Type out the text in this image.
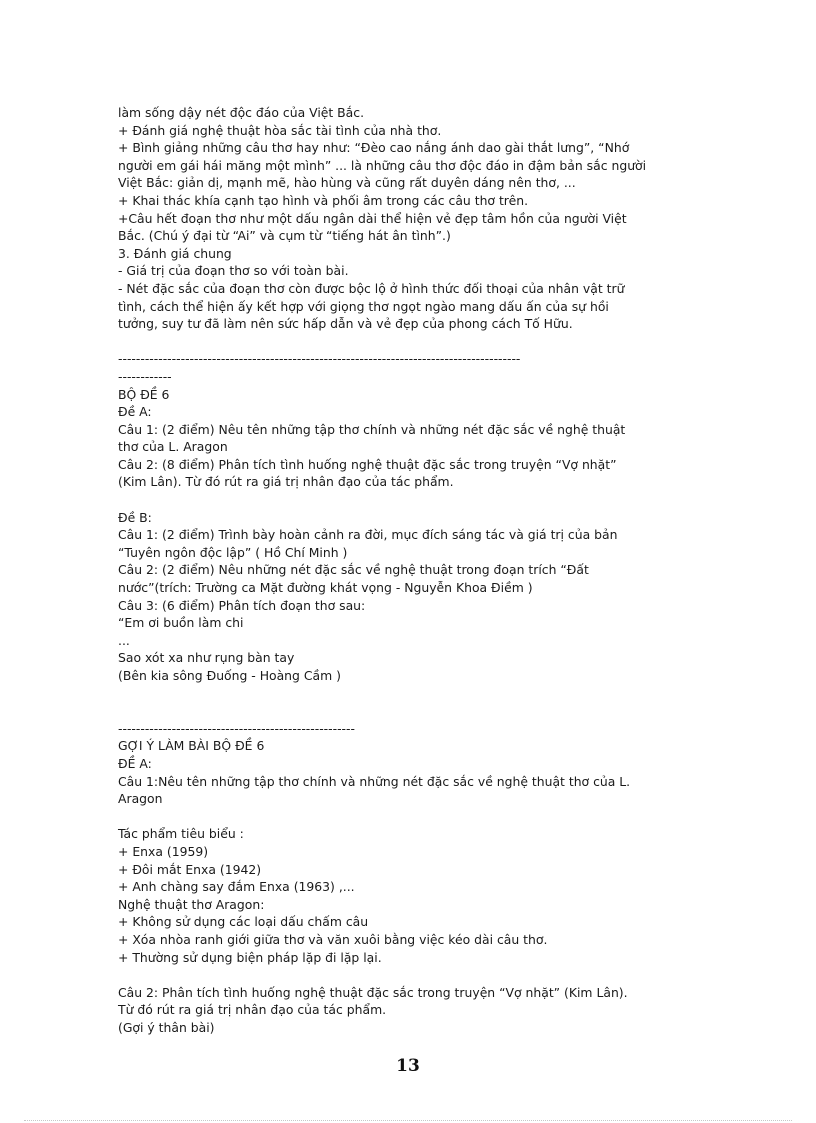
làm sống dậy nét độc đáo của Việt Bắc.
+ Đánh giá nghệ thuật hòa sắc tài tình của nhà thơ.
+ Bình giảng những câu thơ hay như: “Đèo cao nắng ánh dao gài thắt lưng”, “Nhớ
người em gái hái măng một mình” ... là những câu thơ độc đáo in đậm bản sắc người
Việt Bắc: giản dị, mạnh mẽ, hào hùng và cũng rất duyên dáng nên thơ, ...
+ Khai thác khía cạnh tạo hình và phối âm trong các câu thơ trên.
+Câu hết đoạn thơ như một dấu ngân dài thể hiện vẻ đẹp tâm hồn của người Việt
Bắc. (Chú ý đại từ “Ai” và cụm từ “tiếng hát ân tình”.)
3. Đánh giá chung
- Giá trị của đoạn thơ so với toàn bài.
- Nét đặc sắc của đoạn thơ còn được bộc lộ ở hình thức đối thoại của nhân vật trữ
tình, cách thể hiện ấy kết hợp với giọng thơ ngọt ngào mang dấu ấn của sự hồi
tưởng, suy tư đã làm nên sức hấp dẫn và vẻ đẹp của phong cách Tố Hữu.
------------------------------------------------------------------------------------------
------------
BỘ ĐỀ 6
Đề A:
Câu 1: (2 điểm) Nêu tên những tập thơ chính và những nét đặc sắc về nghệ thuật
thơ của L. Aragon
Câu 2: (8 điểm) Phân tích tình huống nghệ thuật đặc sắc trong truyện “Vợ nhặt”
(Kim Lân). Từ đó rút ra giá trị nhân đạo của tác phẩm.
Đề B:
Câu 1: (2 điểm) Trình bày hoàn cảnh ra đời, mục đích sáng tác và giá trị của bản
“Tuyên ngôn độc lập” ( Hồ Chí Minh )
Câu 2: (2 điểm) Nêu những nét đặc sắc về nghệ thuật trong đoạn trích “Đất
nước”(trích: Trường ca Mặt đường khát vọng - Nguyễn Khoa Điềm )
Câu 3: (6 điểm) Phân tích đoạn thơ sau:
“Em ơi buồn làm chi
...
Sao xót xa như rụng bàn tay
(Bên kia sông Đuống - Hoàng Cầm )
-----------------------------------------------------
GỢI Ý LÀM BÀI BỘ ĐỀ 6
ĐỀ A:
Câu 1:Nêu tên những tập thơ chính và những nét đặc sắc về nghệ thuật thơ của L.
Aragon
Tác phẩm tiêu biểu :
+ Enxa (1959)
+ Đôi mắt Enxa (1942)
+ Anh chàng say đắm Enxa (1963) ,...
Nghệ thuật thơ Aragon:
+ Không sử dụng các loại dấu chấm câu
+ Xóa nhòa ranh giới giữa thơ và văn xuôi bằng việc kéo dài câu thơ.
+ Thường sử dụng biện pháp lặp đi lặp lại.
Câu 2: Phân tích tình huống nghệ thuật đặc sắc trong truyện “Vợ nhặt” (Kim Lân).
Từ đó rút ra giá trị nhân đạo của tác phẩm.
(Gợi ý thân bài)
13
